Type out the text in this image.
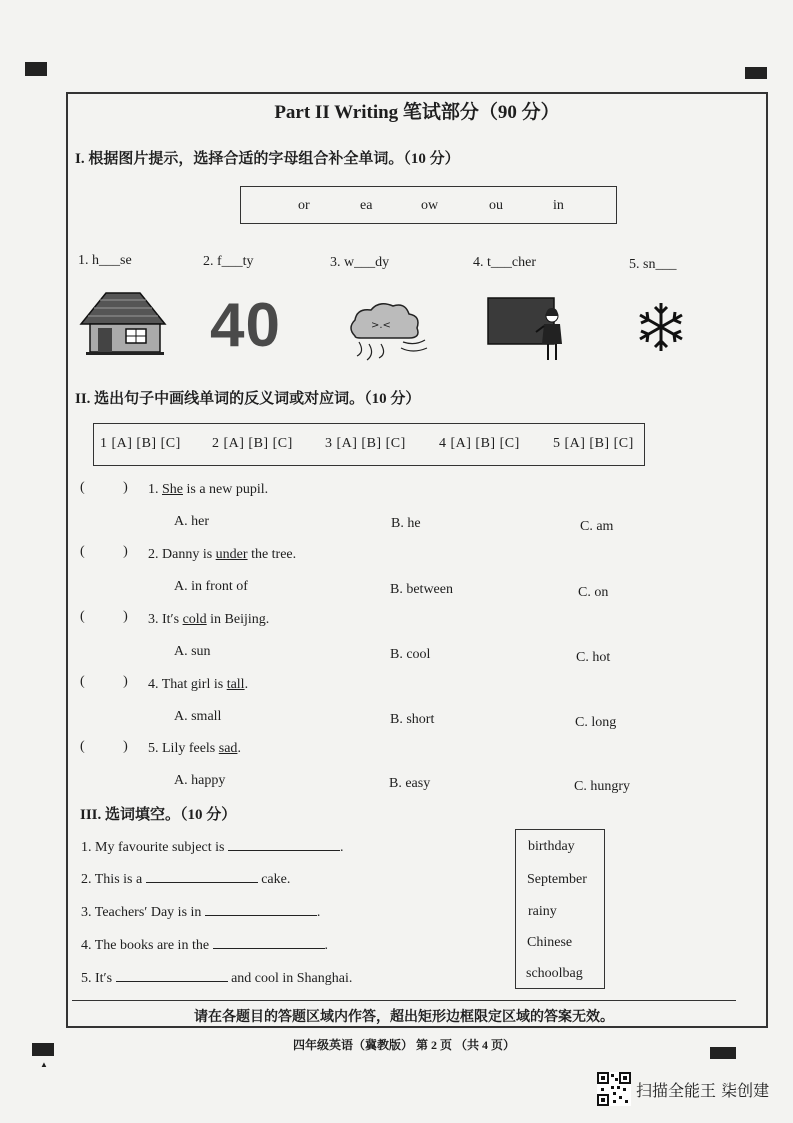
▲
Part II Writing 笔试部分（90 分）
I. 根据图片提示，选择合适的字母组合补全单词。（10 分）
or	ea	ow	ou	in
1. h___se	2. f___ty	3. w___dy	4. t___cher	5. sn___
40	>.<
II. 选出句子中画线单词的反义词或对应词。（10 分）
1 [A] [B] [C] 2 [A] [B] [C] 3 [A] [B] [C] 4 [A] [B] [C] 5 [A] [B] [C]
(           ) 1. She is a new pupil.
A. her	B. he	C. am
(           ) 2. Danny is under the tree.
A. in front of	B. between	C. on
(           ) 3. It′s cold in Beijing.
A. sun	B. cool	C. hot
(           ) 4. That girl is tall.
A. small	B. short	C. long
(           ) 5. Lily feels sad.
A. happy	B. easy	C. hungry
III. 选词填空。（10 分）
1. My favourite subject is	.
2. This is a	cake.
3. Teachers′ Day is in	.
4. The books are in the	.
5. It′s	and cool in Shanghai.
birthday
September
rainy
Chinese
schoolbag
请在各题目的答题区域内作答，超出矩形边框限定区域的答案无效。
四年级英语（冀教版） 第 2 页 （共 4 页）
扫描全能王 柒创建
